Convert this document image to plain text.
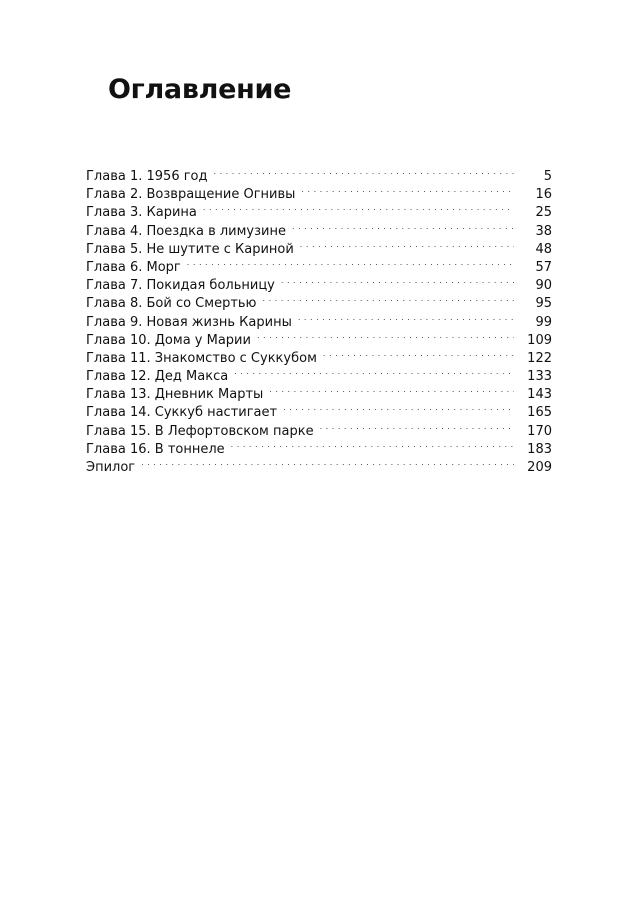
Оглавление
Глава 1. 1956 год . . .	5
Глава 2. Возвращение Огнивы . . .	16
Глава 3. Карина . . .	25
Глава 4. Поездка в лимузине . . .	38
Глава 5. Не шутите с Кариной . . .	48
Глава 6. Морг . . .	57
Глава 7. Покидая больницу . . .	90
Глава 8. Бой со Смертью . . .	95
Глава 9. Новая жизнь Карины . . .	99
Глава 10. Дома у Марии . . .	109
Глава 11. Знакомство с Суккубом . . .	122
Глава 12. Дед Макса . . .	133
Глава 13. Дневник Марты . . .	143
Глава 14. Суккуб настигает . . .	165
Глава 15. В Лефортовском парке . . .	170
Глава 16. В тоннеле . . .	183
Эпилог . . .	209
